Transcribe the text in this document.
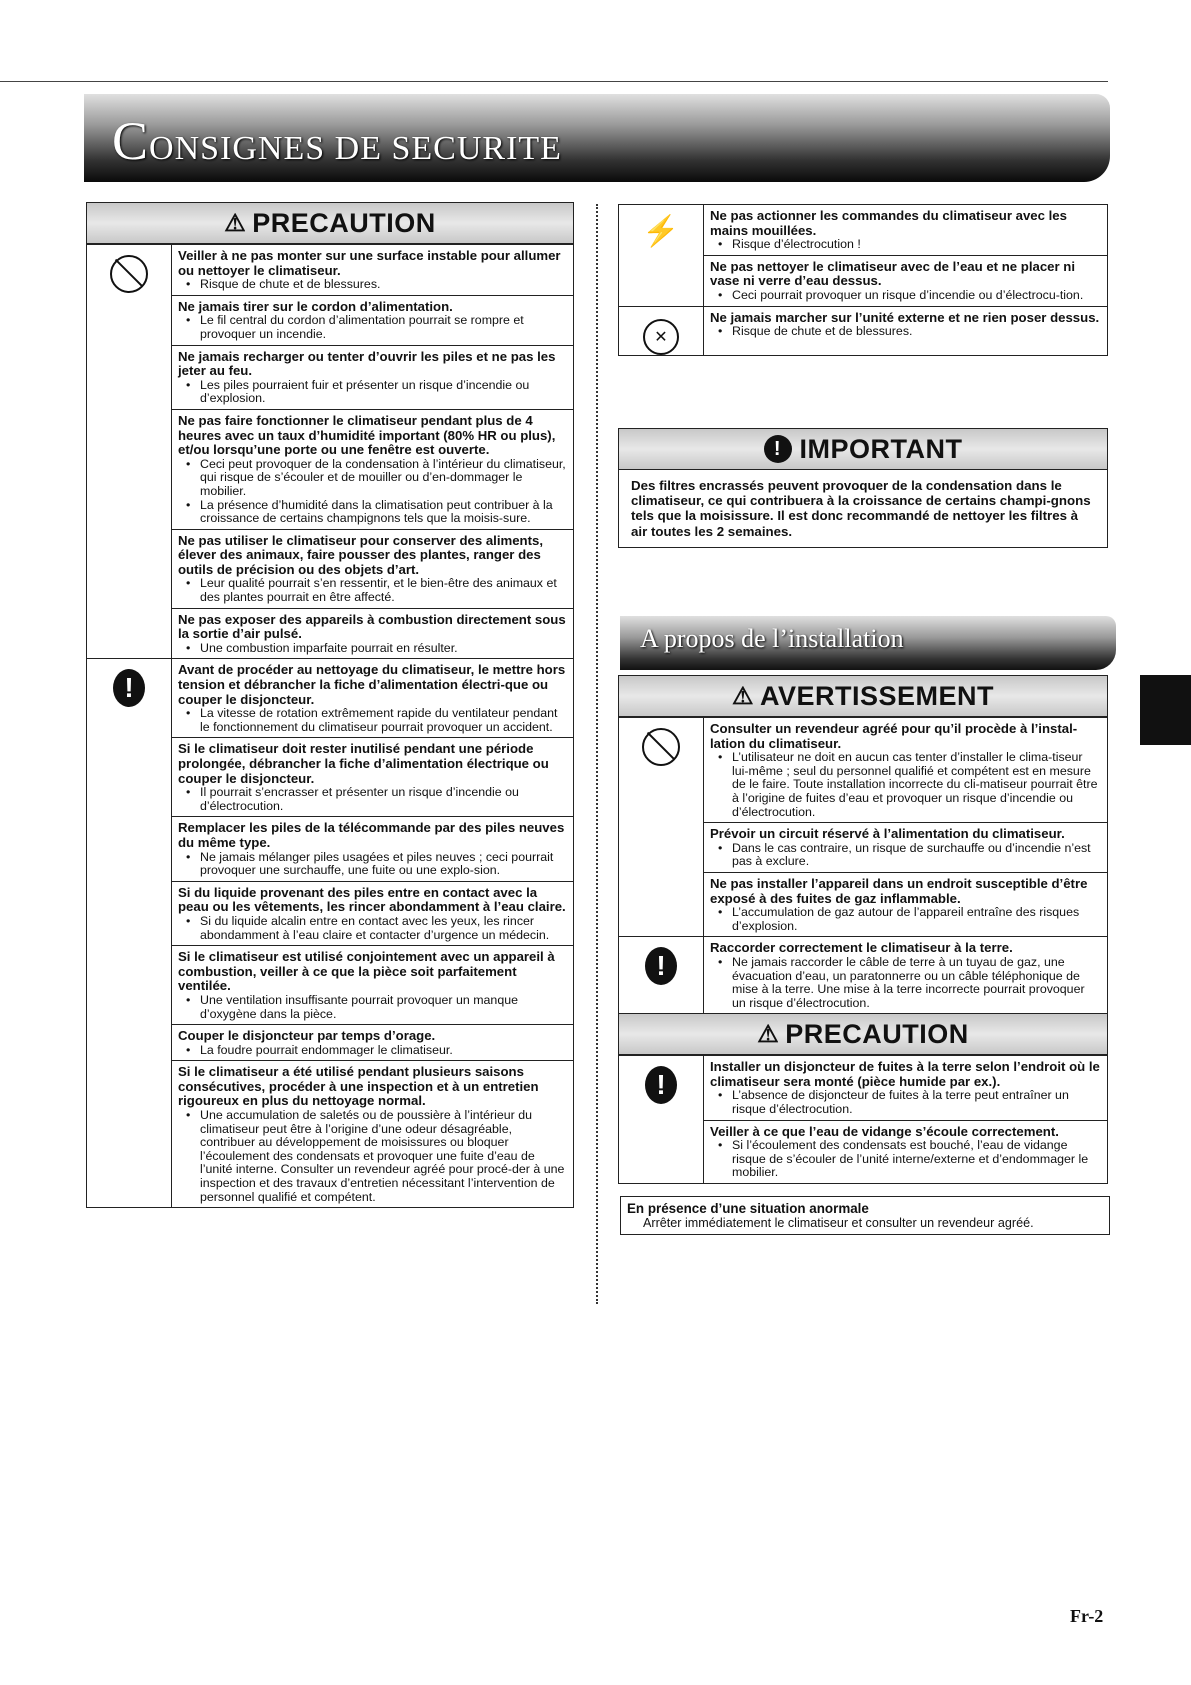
CONSIGNES DE SECURITE
⚠ PRECAUTION
Veiller à ne pas monter sur une surface instable pour allumer ou nettoyer le climatiseur.
• Risque de chute et de blessures.
Ne jamais tirer sur le cordon d’alimentation.
• Le fil central du cordon d’alimentation pourrait se rompre et provoquer un incendie.
Ne jamais recharger ou tenter d’ouvrir les piles et ne pas les jeter au feu.
• Les piles pourraient fuir et présenter un risque d’incendie ou d’explosion.
Ne pas faire fonctionner le climatiseur pendant plus de 4 heures avec un taux d’humidité important (80% HR ou plus), et/ou lorsqu’une porte ou une fenêtre est ouverte.
• Ceci peut provoquer de la condensation à l’intérieur du climatiseur, qui risque de s’écouler et de mouiller ou d’en-dommager le mobilier.
• La présence d’humidité dans la climatisation peut contribuer à la croissance de certains champignons tels que la moisis-sure.
Ne pas utiliser le climatiseur pour conserver des aliments, élever des animaux, faire pousser des plantes, ranger des outils de précision ou des objets d’art.
• Leur qualité pourrait s’en ressentir, et le bien-être des animaux et des plantes pourrait en être affecté.
Ne pas exposer des appareils à combustion directement sous la sortie d’air pulsé.
• Une combustion imparfaite pourrait en résulter.
!
Avant de procéder au nettoyage du climatiseur, le mettre hors tension et débrancher la fiche d’alimentation électri-que ou couper le disjoncteur.
• La vitesse de rotation extrêmement rapide du ventilateur pendant le fonctionnement du climatiseur pourrait provoquer un accident.
Si le climatiseur doit rester inutilisé pendant une période prolongée, débrancher la fiche d’alimentation électrique ou couper le disjoncteur.
• Il pourrait s’encrasser et présenter un risque d’incendie ou d’électrocution.
Remplacer les piles de la télécommande par des piles neuves du même type.
• Ne jamais mélanger piles usagées et piles neuves ; ceci pourrait provoquer une surchauffe, une fuite ou une explo-sion.
Si du liquide provenant des piles entre en contact avec la peau ou les vêtements, les rincer abondamment à l’eau claire.
• Si du liquide alcalin entre en contact avec les yeux, les rincer abondamment à l’eau claire et contacter d’urgence un médecin.
Si le climatiseur est utilisé conjointement avec un appareil à combustion, veiller à ce que la pièce soit parfaitement ventilée.
• Une ventilation insuffisante pourrait provoquer un manque d’oxygène dans la pièce.
Couper le disjoncteur par temps d’orage.
• La foudre pourrait endommager le climatiseur.
Si le climatiseur a été utilisé pendant plusieurs saisons consécutives, procéder à une inspection et à un entretien rigoureux en plus du nettoyage normal.
• Une accumulation de saletés ou de poussière à l’intérieur du climatiseur peut être à l’origine d’une odeur désagréable, contribuer au développement de moisissures ou bloquer l’écoulement des condensats et provoquer une fuite d’eau de l’unité interne. Consulter un revendeur agréé pour procé-der à une inspection et des travaux d’entretien nécessitant l’intervention de personnel qualifié et compétent.
⚡ Ne pas actionner les commandes du climatiseur avec les mains mouillées.
• Risque d’électrocution !
Ne pas nettoyer le climatiseur avec de l’eau et ne placer ni vase ni verre d’eau dessus.
• Ceci pourrait provoquer un risque d’incendie ou d’électrocu-tion.
✕
Ne jamais marcher sur l’unité externe et ne rien poser dessus.
• Risque de chute et de blessures.
! IMPORTANT
Des filtres encrassés peuvent provoquer de la condensation dans le climatiseur, ce qui contribuera à la croissance de certains champi-gnons tels que la moisissure. Il est donc recommandé de nettoyer les filtres à air toutes les 2 semaines.
A propos de l’installation
⚠ AVERTISSEMENT
Consulter un revendeur agréé pour qu’il procède à l’instal-lation du climatiseur.
• L’utilisateur ne doit en aucun cas tenter d’installer le clima-tiseur lui-même ; seul du personnel qualifié et compétent est en mesure de le faire. Toute installation incorrecte du cli-matiseur pourrait être à l’origine de fuites d’eau et provoquer un risque d’incendie ou d’électrocution.
Prévoir un circuit réservé à l’alimentation du climatiseur.
• Dans le cas contraire, un risque de surchauffe ou d’incendie n’est pas à exclure.
Ne pas installer l’appareil dans un endroit susceptible d’être exposé à des fuites de gaz inflammable.
• L’accumulation de gaz autour de l’appareil entraîne des risques d’explosion.
!
Raccorder correctement le climatiseur à la terre.
• Ne jamais raccorder le câble de terre à un tuyau de gaz, une évacuation d’eau, un paratonnerre ou un câble téléphonique de mise à la terre. Une mise à la terre incorrecte pourrait provoquer un risque d’électrocution.
⚠ PRECAUTION
!
Installer un disjoncteur de fuites à la terre selon l’endroit où le climatiseur sera monté (pièce humide par ex.).
• L’absence de disjoncteur de fuites à la terre peut entraîner un risque d’électrocution.
Veiller à ce que l’eau de vidange s’écoule correctement.
• Si l’écoulement des condensats est bouché, l’eau de vidange risque de s’écouler de l’unité interne/externe et d’endommager le mobilier.
En présence d’une situation anormale
Arrêter immédiatement le climatiseur et consulter un revendeur agréé.
Fr-2
